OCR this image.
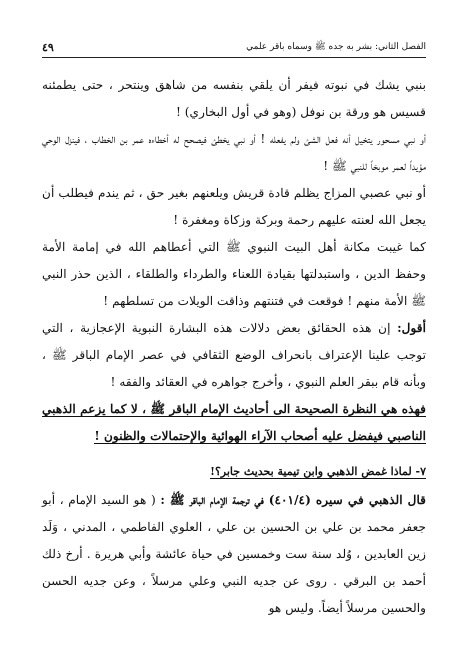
الفصل الثاني: بشر به جده ﷺ وسماه باقر علمي
٤٩

بنبي يشك في نبوته فيفر أن يلقي بنفسه من شاهق وينتحر ، حتى يطمئنه قسيس هو ورقة بن نوفل (وهو في أول البخاري) !

أو نبي مسحور يتخيل أنه فعل الشئ ولم يفعله ! أو نبي يخطئ فيصحح له أخطاءه عمر بن الخطاب ، فينزل الوحي مؤيداً لعمر موبخاً للنبي ﷺ !

أو نبي عصبي المزاج يظلم قادة قريش ويلعنهم بغير حق ، ثم يندم فيطلب أن يجعل الله لعنته عليهم رحمة وبركة وزكاة ومغفرة !

كما غيبت مكانة أهل البيت النبوي ﷺ التي أعطاهم الله في إمامة الأمة وحفظ الدين ، واستبدلتها بقيادة اللعناء والطرداء والطلقاء ، الذين حذر النبي ﷺ الأمة منهم ! فوقعت في فتنتهم وذاقت الويلات من تسلطهم !

أقول: إن هذه الحقائق بعض دلالات هذه البشارة النبوية الإعجازية ، التي توجب علينا الإعتراف بانحراف الوضع الثقافي في عصر الإمام الباقر ﷺ ، وبأنه قام ببقر العلم النبوي ، وأخرج جواهره في العقائد والفقه !

فهذه هي النظرة الصحيحة الى أحاديث الإمام الباقر ﷺ ، لا كما يزعم الذهبي الناصبي فيفضل عليه أصحاب الآراء الهوائية والإحتمالات والظنون !

٧- لماذا غمض الذهبي وابن تيمية بحديث جابر؟!

قال الذهبي في سيره (٤٠١/٤) في ترجمة الإمام الباقر ﷺ : ( هو السيد الإمام ، أبو جعفر محمد بن علي بن الحسين بن علي ، العلوي الفاطمي ، المدني ، وَلَد زين العابدين ، وُلد سنة ست وخمسين في حياة عائشة وأبي هريرة . أرخ ذلك أحمد بن البرقي . روى عن جديه النبي وعلي مرسلاً ، وعن جديه الحسن والحسين مرسلاً أيضاً. وليس هو
